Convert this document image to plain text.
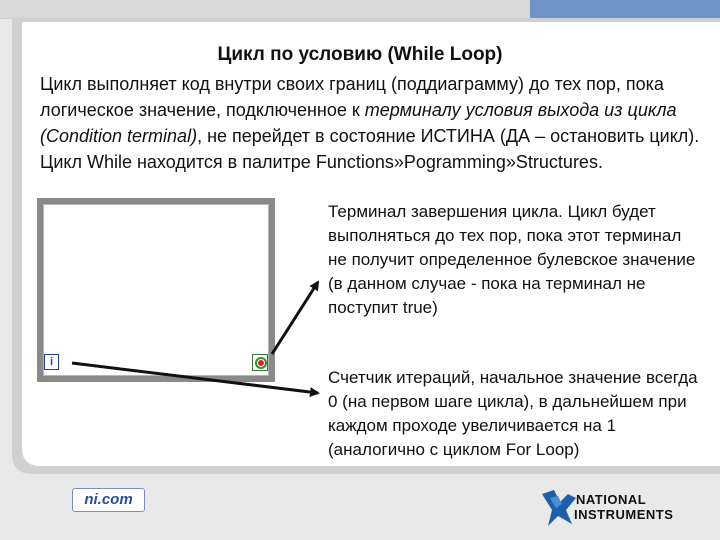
Цикл по условию (While Loop)
Цикл выполняет код внутри своих границ (поддиаграмму) до тех пор, пока логическое значение, подключенное к терминалу условия выхода из цикла (Condition terminal), не перейдет в состояние ИСТИНА (ДА – остановить цикл).
Цикл While находится в палитре Functions»Pogramming»Structures.
i
Терминал завершения цикла. Цикл будет выполняться до тех пор, пока этот терминал не получит определенное булевское значение (в данном случае - пока на терминал не поступит true)
Счетчик итераций, начальное значение всегда 0 (на первом шаге цикла), в дальнейшем при каждом проходе увеличивается на 1 (аналогично с циклом For Loop)
ni.com	NATIONAL
INSTRUMENTS
